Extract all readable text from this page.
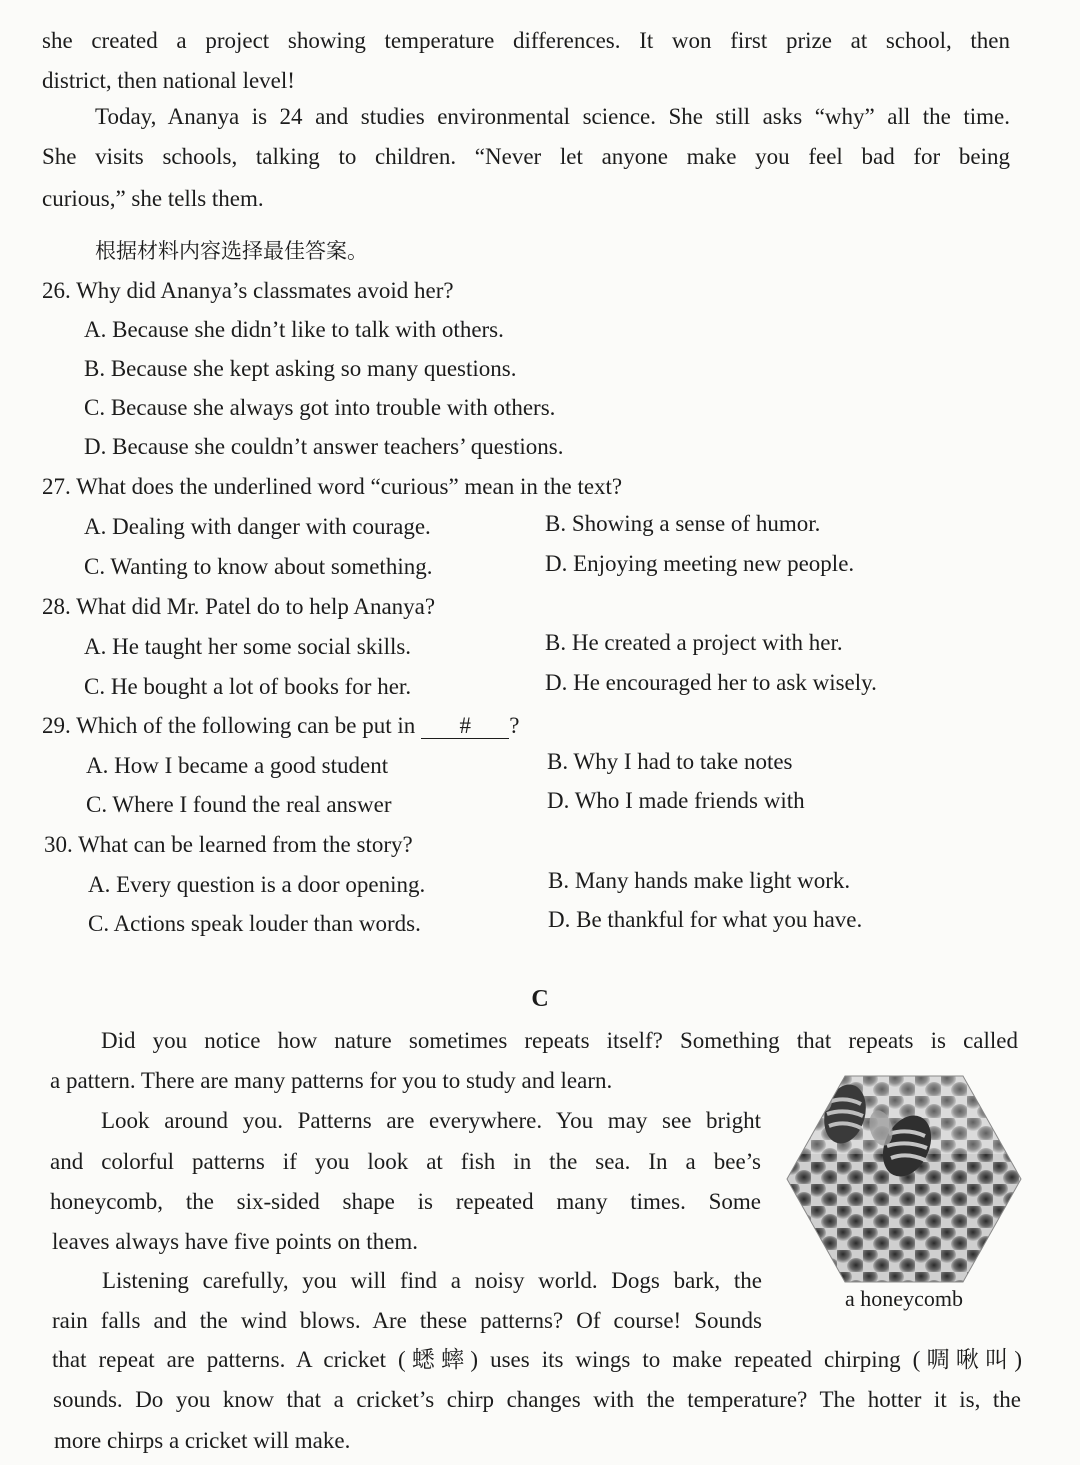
she created a project showing temperature differences. It won first prize at school, then
district, then national level!
Today, Ananya is 24 and studies environmental science. She still asks “why” all the time.
She visits schools, talking to children. “Never let anyone make you feel bad for being
curious,” she tells them.
根据材料内容选择最佳答案。
26. Why did Ananya’s classmates avoid her?
A. Because she didn’t like to talk with others.
B. Because she kept asking so many questions.
C. Because she always got into trouble with others.
D. Because she couldn’t answer teachers’ questions.
27. What does the underlined word “curious” mean in the text?
A. Dealing with danger with courage.	B. Showing a sense of humor.
C. Wanting to know about something.	D. Enjoying meeting new people.
28. What did Mr. Patel do to help Ananya?
A. He taught her some social skills.	B. He created a project with her.
C. He bought a lot of books for her.	D. He encouraged her to ask wisely.
29. Which of the following can be put in # ?
A. How I became a good student	B. Why I had to take notes
C. Where I found the real answer	D. Who I made friends with
30. What can be learned from the story?
A. Every question is a door opening.	B. Many hands make light work.
C. Actions speak louder than words.	D. Be thankful for what you have.
C
Did you notice how nature sometimes repeats itself? Something that repeats is called
a pattern. There are many patterns for you to study and learn.
Look around you. Patterns are everywhere. You may see bright
and colorful patterns if you look at fish in the sea. In a bee’s
honeycomb, the six-sided shape is repeated many times. Some
leaves always have five points on them.
Listening carefully, you will find a noisy world. Dogs bark, the
rain falls and the wind blows. Are these patterns? Of course! Sounds
that repeat are patterns. A cricket (蟋蟀) uses its wings to make repeated chirping (啁啾叫)
sounds. Do you know that a cricket’s chirp changes with the temperature? The hotter it is, the
more chirps a cricket will make.
a honeycomb
